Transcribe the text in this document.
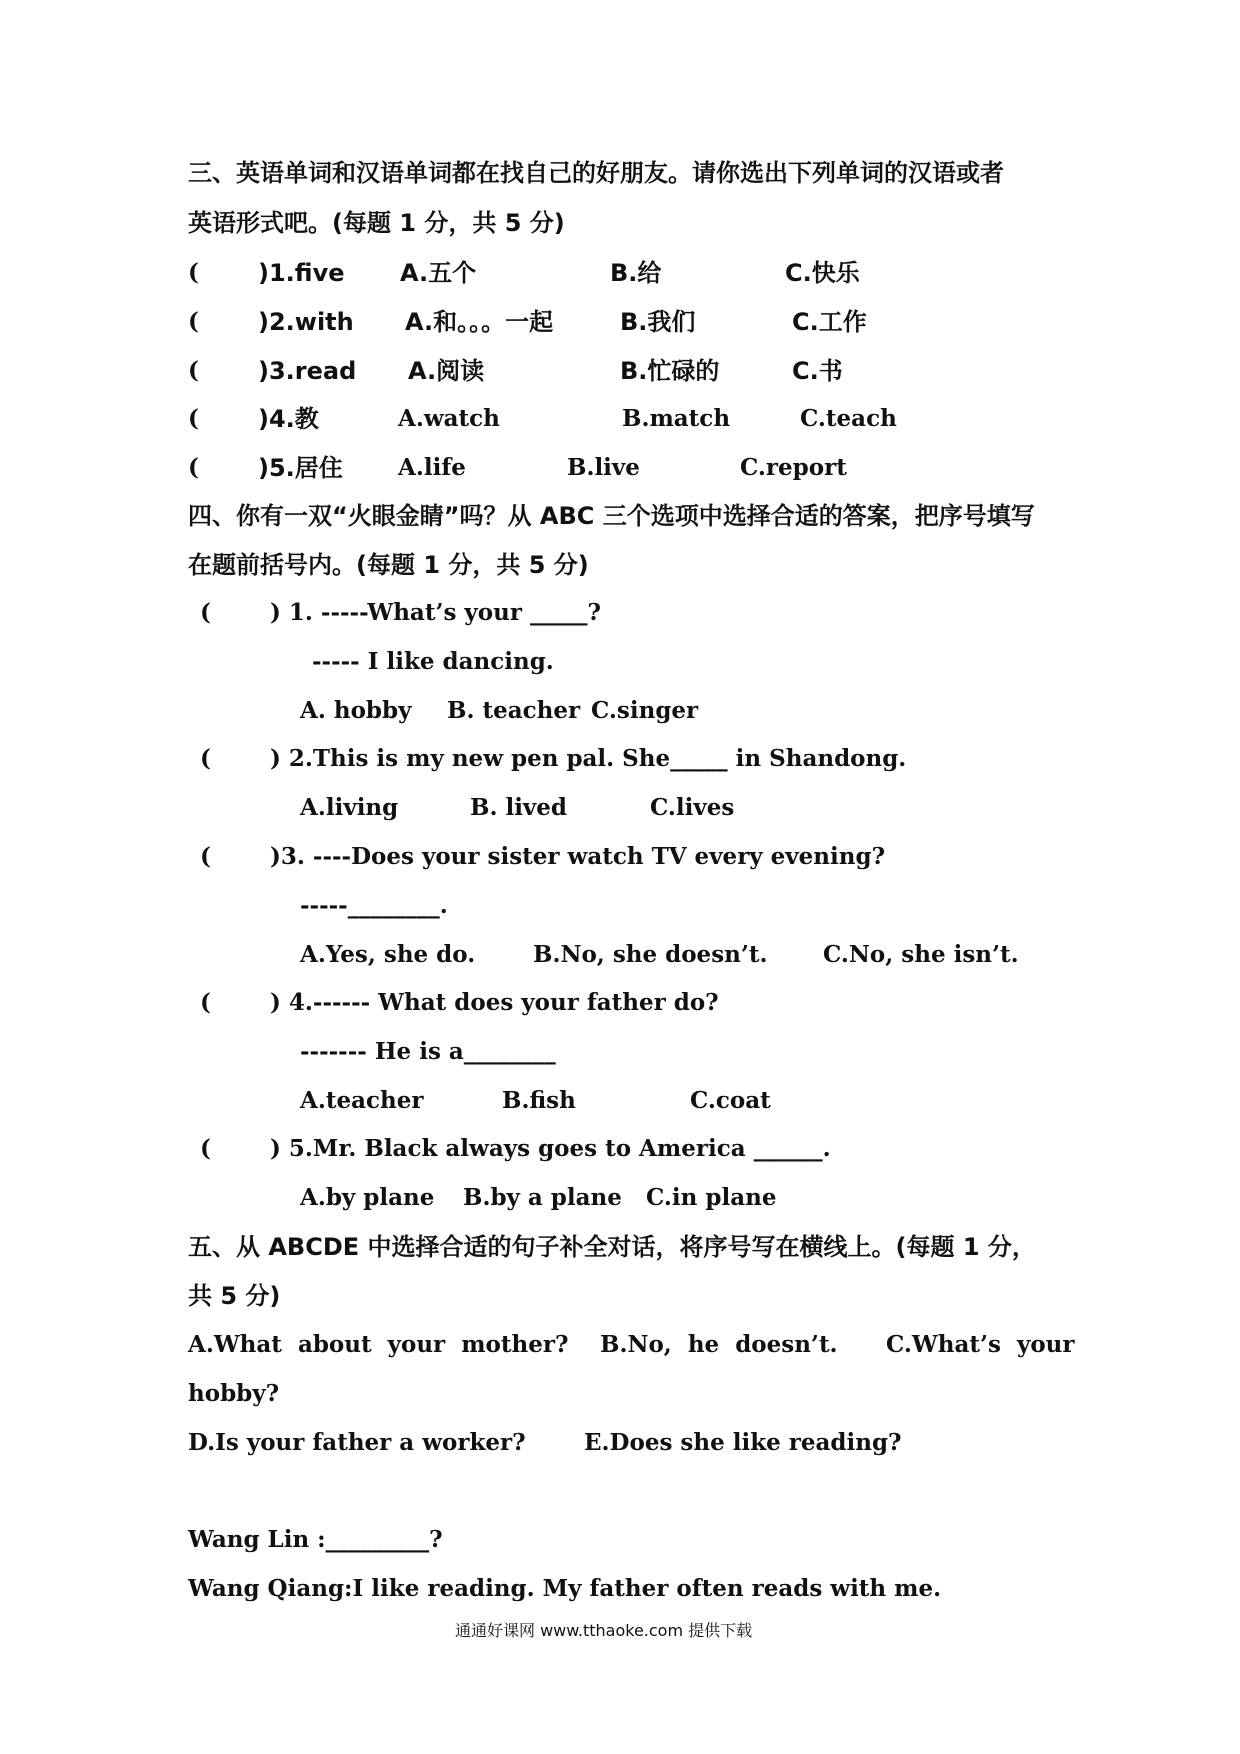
三、英语单词和汉语单词都在找自己的好朋友。请你选出下列单词的汉语或者
英语形式吧。(每题 1 分，共 5 分)
( )1.five A.五个	B.给	C.快乐
( )2.with A.和。。。一起	B.我们	C.工作
( )3.read A.阅读	B.忙碌的	C.书
( )4.教	A.watch	B.match	C.teach
( )5.居住 A.life	B.live	C.report
四、你有一双“火眼金睛”吗？从 ABC 三个选项中选择合适的答案，把序号填写
在题前括号内。(每题 1 分，共 5 分)
(	) 1. -----What’s your _____?
----- I like dancing.
A. hobby B. teacher C.singer
(	) 2.This is my new pen pal. She_____ in Shandong.
A.living	B. lived	C.lives
(	)3. ----Does your sister watch TV every evening?
-----________.
A.Yes, she do.	B.No, she doesn’t. C.No, she isn’t.
(	) 4.------ What does your father do?
------- He is a________
A.teacher	B.fish	C.coat
(	) 5.Mr. Black always goes to America ______.
A.by plane B.by a plane C.in plane
五、从 ABCDE 中选择合适的句子补全对话，将序号写在横线上。(每题 1 分，
共 5 分)
A.What  about  your  mother? B.No,  he  doesn’t. C.What’s  your
hobby?
D.Is your father a worker?	E.Does she like reading?
Wang Lin :_________?
Wang Qiang:I like reading. My father often reads with me.
通通好课网 www.tthaoke.com 提供下载
